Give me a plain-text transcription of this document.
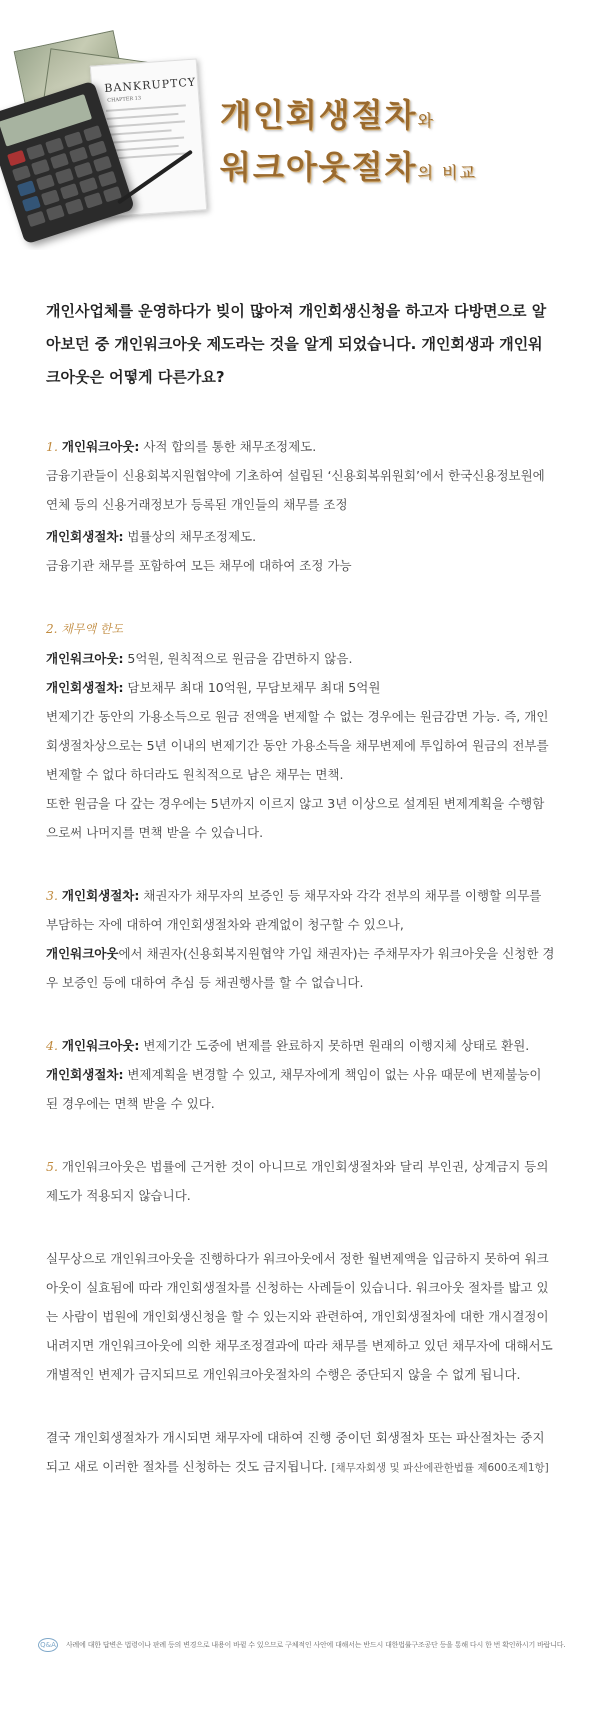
BANKRUPTCY
CHAPTER 13 개인회생절차와
워크아웃절차의 비교

개인사업체를 운영하다가 빚이 많아져 개인회생신청을 하고자 다방면으로 알아보던 중 개인워크아웃 제도라는 것을 알게 되었습니다. 개인회생과 개인워크아웃은 어떻게 다른가요?

1. 개인워크아웃: 사적 합의를 통한 채무조정제도.

금융기관들이 신용회복지원협약에 기초하여 설립된 ‘신용회복위원회’에서 한국신용정보원에 연체 등의 신용거래정보가 등록된 개인들의 채무를 조정

개인회생절차: 법률상의 채무조정제도.

금융기관 채무를 포함하여 모든 채무에 대하여 조정 가능

2. 채무액 한도

개인워크아웃: 5억원, 원칙적으로 원금을 감면하지 않음.

개인회생절차: 담보채무 최대 10억원, 무담보채무 최대 5억원

변제기간 동안의 가용소득으로 원금 전액을 변제할 수 없는 경우에는 원금감면 가능. 즉, 개인회생절차상으로는 5년 이내의 변제기간 동안 가용소득을 채무변제에 투입하여 원금의 전부를 변제할 수 없다 하더라도 원칙적으로 남은 채무는 면책.

또한 원금을 다 갚는 경우에는 5년까지 이르지 않고 3년 이상으로 설계된 변제계획을 수행함으로써 나머지를 면책 받을 수 있습니다.

3. 개인회생절차: 채권자가 채무자의 보증인 등 채무자와 각각 전부의 채무를 이행할 의무를 부담하는 자에 대하여 개인회생절차와 관계없이 청구할 수 있으나,

개인워크아웃에서 채권자(신용회복지원협약 가입 채권자)는 주채무자가 워크아웃을 신청한 경우 보증인 등에 대하여 추심 등 채권행사를 할 수 없습니다.

4. 개인워크아웃: 변제기간 도중에 변제를 완료하지 못하면 원래의 이행지체 상태로 환원.

개인회생절차: 변제계획을 변경할 수 있고, 채무자에게 책임이 없는 사유 때문에 변제불능이 된 경우에는 면책 받을 수 있다.

5. 개인워크아웃은 법률에 근거한 것이 아니므로 개인회생절차와 달리 부인권, 상계금지 등의 제도가 적용되지 않습니다.

실무상으로 개인워크아웃을 진행하다가 워크아웃에서 정한 월변제액을 입금하지 못하여 워크아웃이 실효됨에 따라 개인회생절차를 신청하는 사례들이 있습니다. 워크아웃 절차를 밟고 있는 사람이 법원에 개인회생신청을 할 수 있는지와 관련하여, 개인회생절차에 대한 개시결정이 내려지면 개인워크아웃에 의한 채무조정결과에 따라 채무를 변제하고 있던 채무자에 대해서도 개별적인 변제가 금지되므로 개인워크아웃절차의 수행은 중단되지 않을 수 없게 됩니다.

결국 개인회생절차가 개시되면 채무자에 대하여 진행 중이던 회생절차 또는 파산절차는 중지되고 새로 이러한 절차를 신청하는 것도 금지됩니다. [채무자회생 및 파산에관한법률 제600조제1항]

Q&A	사례에 대한 답변은 법령이나 판례 등의 변경으로 내용이 바뀔 수 있으므로 구체적인 사안에 대해서는 반드시 대한법률구조공단 등을 통해 다시 한 번 확인하시기 바랍니다.
